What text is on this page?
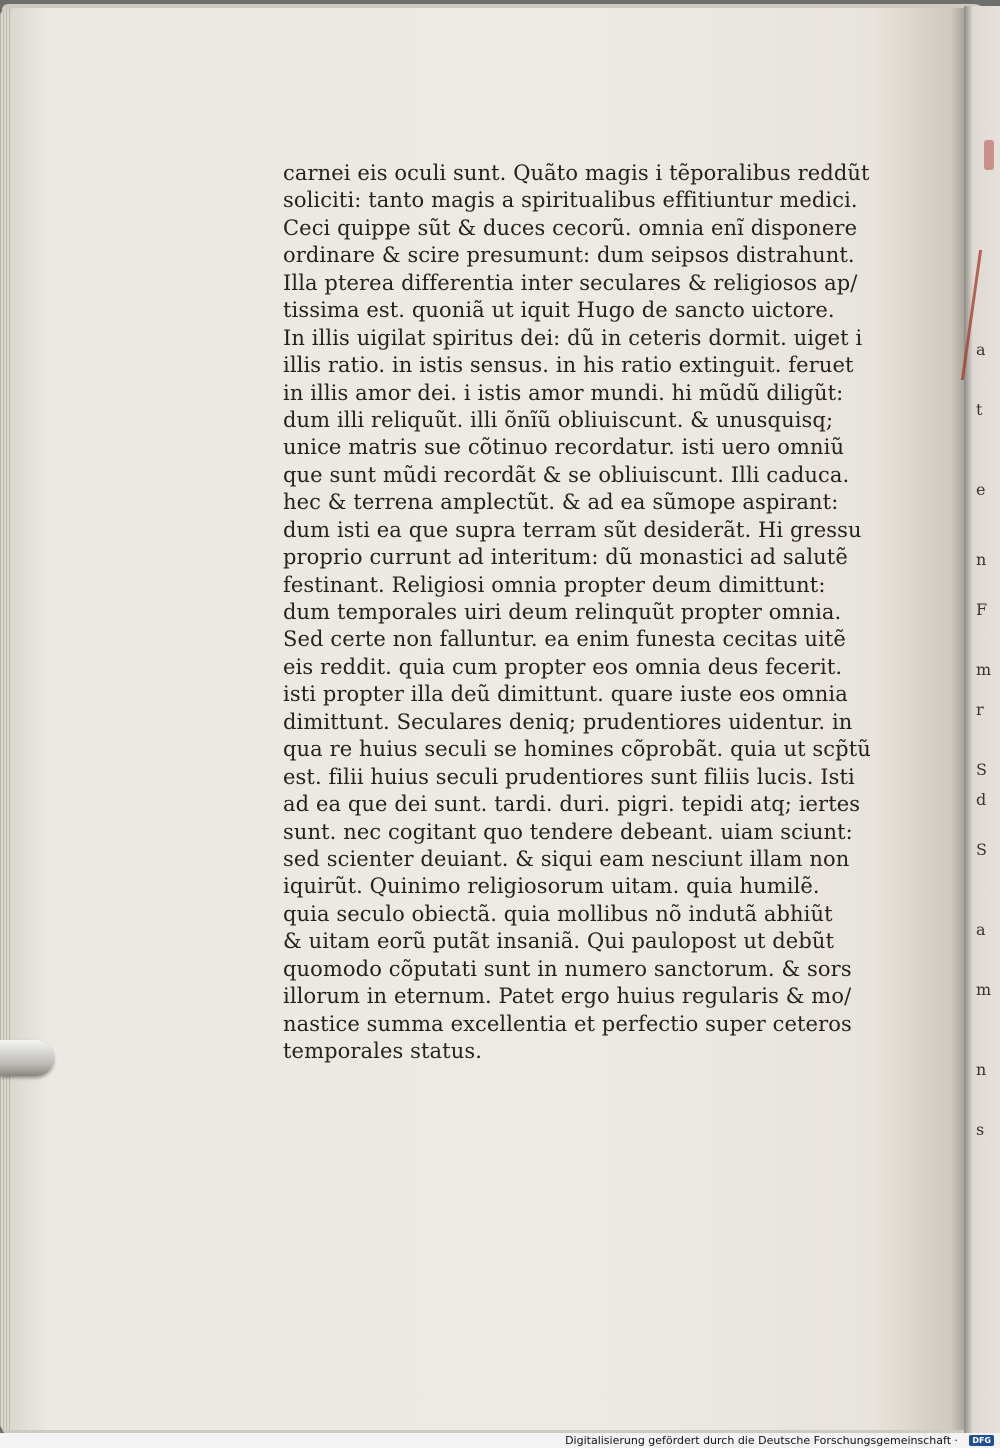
a
t
e
n
F
m
r
S
d
S
a
m
n
s
carnei eis oculi sunt. Quãto magis i tẽporalibus reddũt
soliciti: tanto magis a spiritualibus effitiuntur medici.
Ceci quippe sũt & duces cecorũ. omnia enĩ disponere
ordinare & scire presumunt: dum seipsos distrahunt.
Illa pterea differentia inter seculares & religiosos ap/
tissima est. quoniã ut iquit Hugo de sancto uictore.
In illis uigilat spiritus dei: dũ in ceteris dormit. uiget i
illis ratio. in istis sensus. in his ratio extinguit. feruet
in illis amor dei. i istis amor mundi. hi mũdũ diligũt:
dum illi reliquũt. illi õnĩũ obliuiscunt. & unusquisq;
unice matris sue cõtinuo recordatur. isti uero omniũ
que sunt mũdi recordãt & se obliuiscunt. Illi caduca.
hec & terrena amplectũt. & ad ea sũmope aspirant:
dum isti ea que supra terram sũt desiderãt. Hi gressu
proprio currunt ad interitum: dũ monastici ad salutẽ
festinant. Religiosi omnia propter deum dimittunt:
dum temporales uiri deum relinquũt propter omnia.
Sed certe non falluntur. ea enim funesta cecitas uitẽ
eis reddit. quia cum propter eos omnia deus fecerit.
isti propter illa deũ dimittunt. quare iuste eos omnia
dimittunt. Seculares deniq; prudentiores uidentur. in
qua re huius seculi se homines cõprobãt. quia ut scp̃tũ
est. filii huius seculi prudentiores sunt filiis lucis. Isti
ad ea que dei sunt. tardi. duri. pigri. tepidi atq; iertes
sunt. nec cogitant quo tendere debeant. uiam sciunt:
sed scienter deuiant. & siqui eam nesciunt illam non
iquirũt. Quinimo religiosorum uitam. quia humilẽ.
quia seculo obiectã. quia mollibus nõ indutã abhiũt
& uitam eorũ putãt insaniã. Qui paulopost ut debũt
quomodo cõputati sunt in numero sanctorum. & sors
illorum in eternum. Patet ergo huius regularis & mo/
nastice summa excellentia et perfectio super ceteros
temporales status.
Digitalisierung gefördert durch die Deutsche Forschungsgemeinschaft ·	DFG
